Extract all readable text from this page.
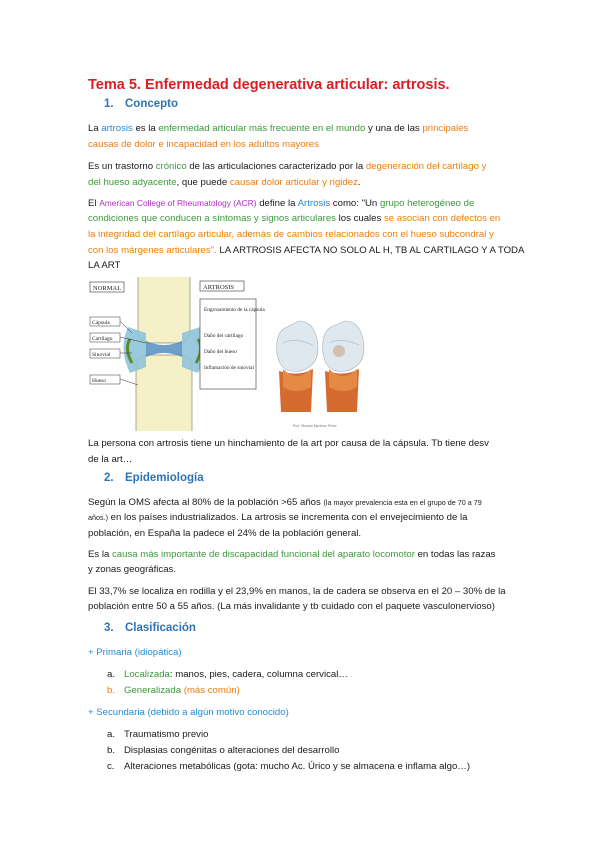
Tema 5. Enfermedad degenerativa articular: artrosis.
1. Concepto
La artrosis es la enfermedad articular más frecuente en el mundo y una de las principales
causas de dolor e incapacidad en los adultos mayores
Es un trastorno crónico de las articulaciones caracterizado por la degeneración del cartílago y
del hueso adyacente, que puede causar dolor articular y rigidez.
El American College of Rheumatology (ACR) define la Artrosis como: "Un grupo heterogéneo de
condiciones que conducen a síntomas y signos articulares los cuales se asocian con defectos en
la integridad del cartílago articular, además de cambios relacionados con el hueso subcondral y
con los márgenes articulares". LA ARTROSIS AFECTA NO SOLO AL H, TB AL CARTILAGO Y A TODA
LA ART
NORMAL	ARTROSIS
Cápsula
Cartílago
Sinovial
Hueso
Engrosamiento de la cápsula
Daño del cartílago
Daño del hueso
Inflamación de sinovial
Prof. Ricardo Martínez Pérez
La persona con artrosis tiene un hinchamiento de la art por causa de la cápsula. Tb tiene desv
de la art…
2. Epidemiología
Según la OMS afecta al 80% de la población >65 años (la mayor prevalencia esta en el grupo de 70 a 79
años.) en los países industrializados. La artrosis se incrementa con el envejecimiento de la
población, en España la padece el 24% de la población general.
Es la causa más importante de discapacidad funcional del aparato locomotor en todas las razas
y zonas geográficas.
El 33,7% se localiza en rodilla y el 23,9% en manos, la de cadera se observa en el 20 – 30% de la
población entre 50 a 55 años. (La más invalidante y tb cuidado con el paquete vasculonervioso)
3. Clasificación
+ Primaria (idiopática)
a. Localizada: manos, pies, cadera, columna cervical…
b. Generalizada (más común)
+ Secundaria (debido a algún motivo conocido)
a. Traumatismo previo
b. Displasias congénitas o alteraciones del desarrollo
c. Alteraciones metabólicas (gota: mucho Ac. Úrico y se almacena e inflama algo…)
